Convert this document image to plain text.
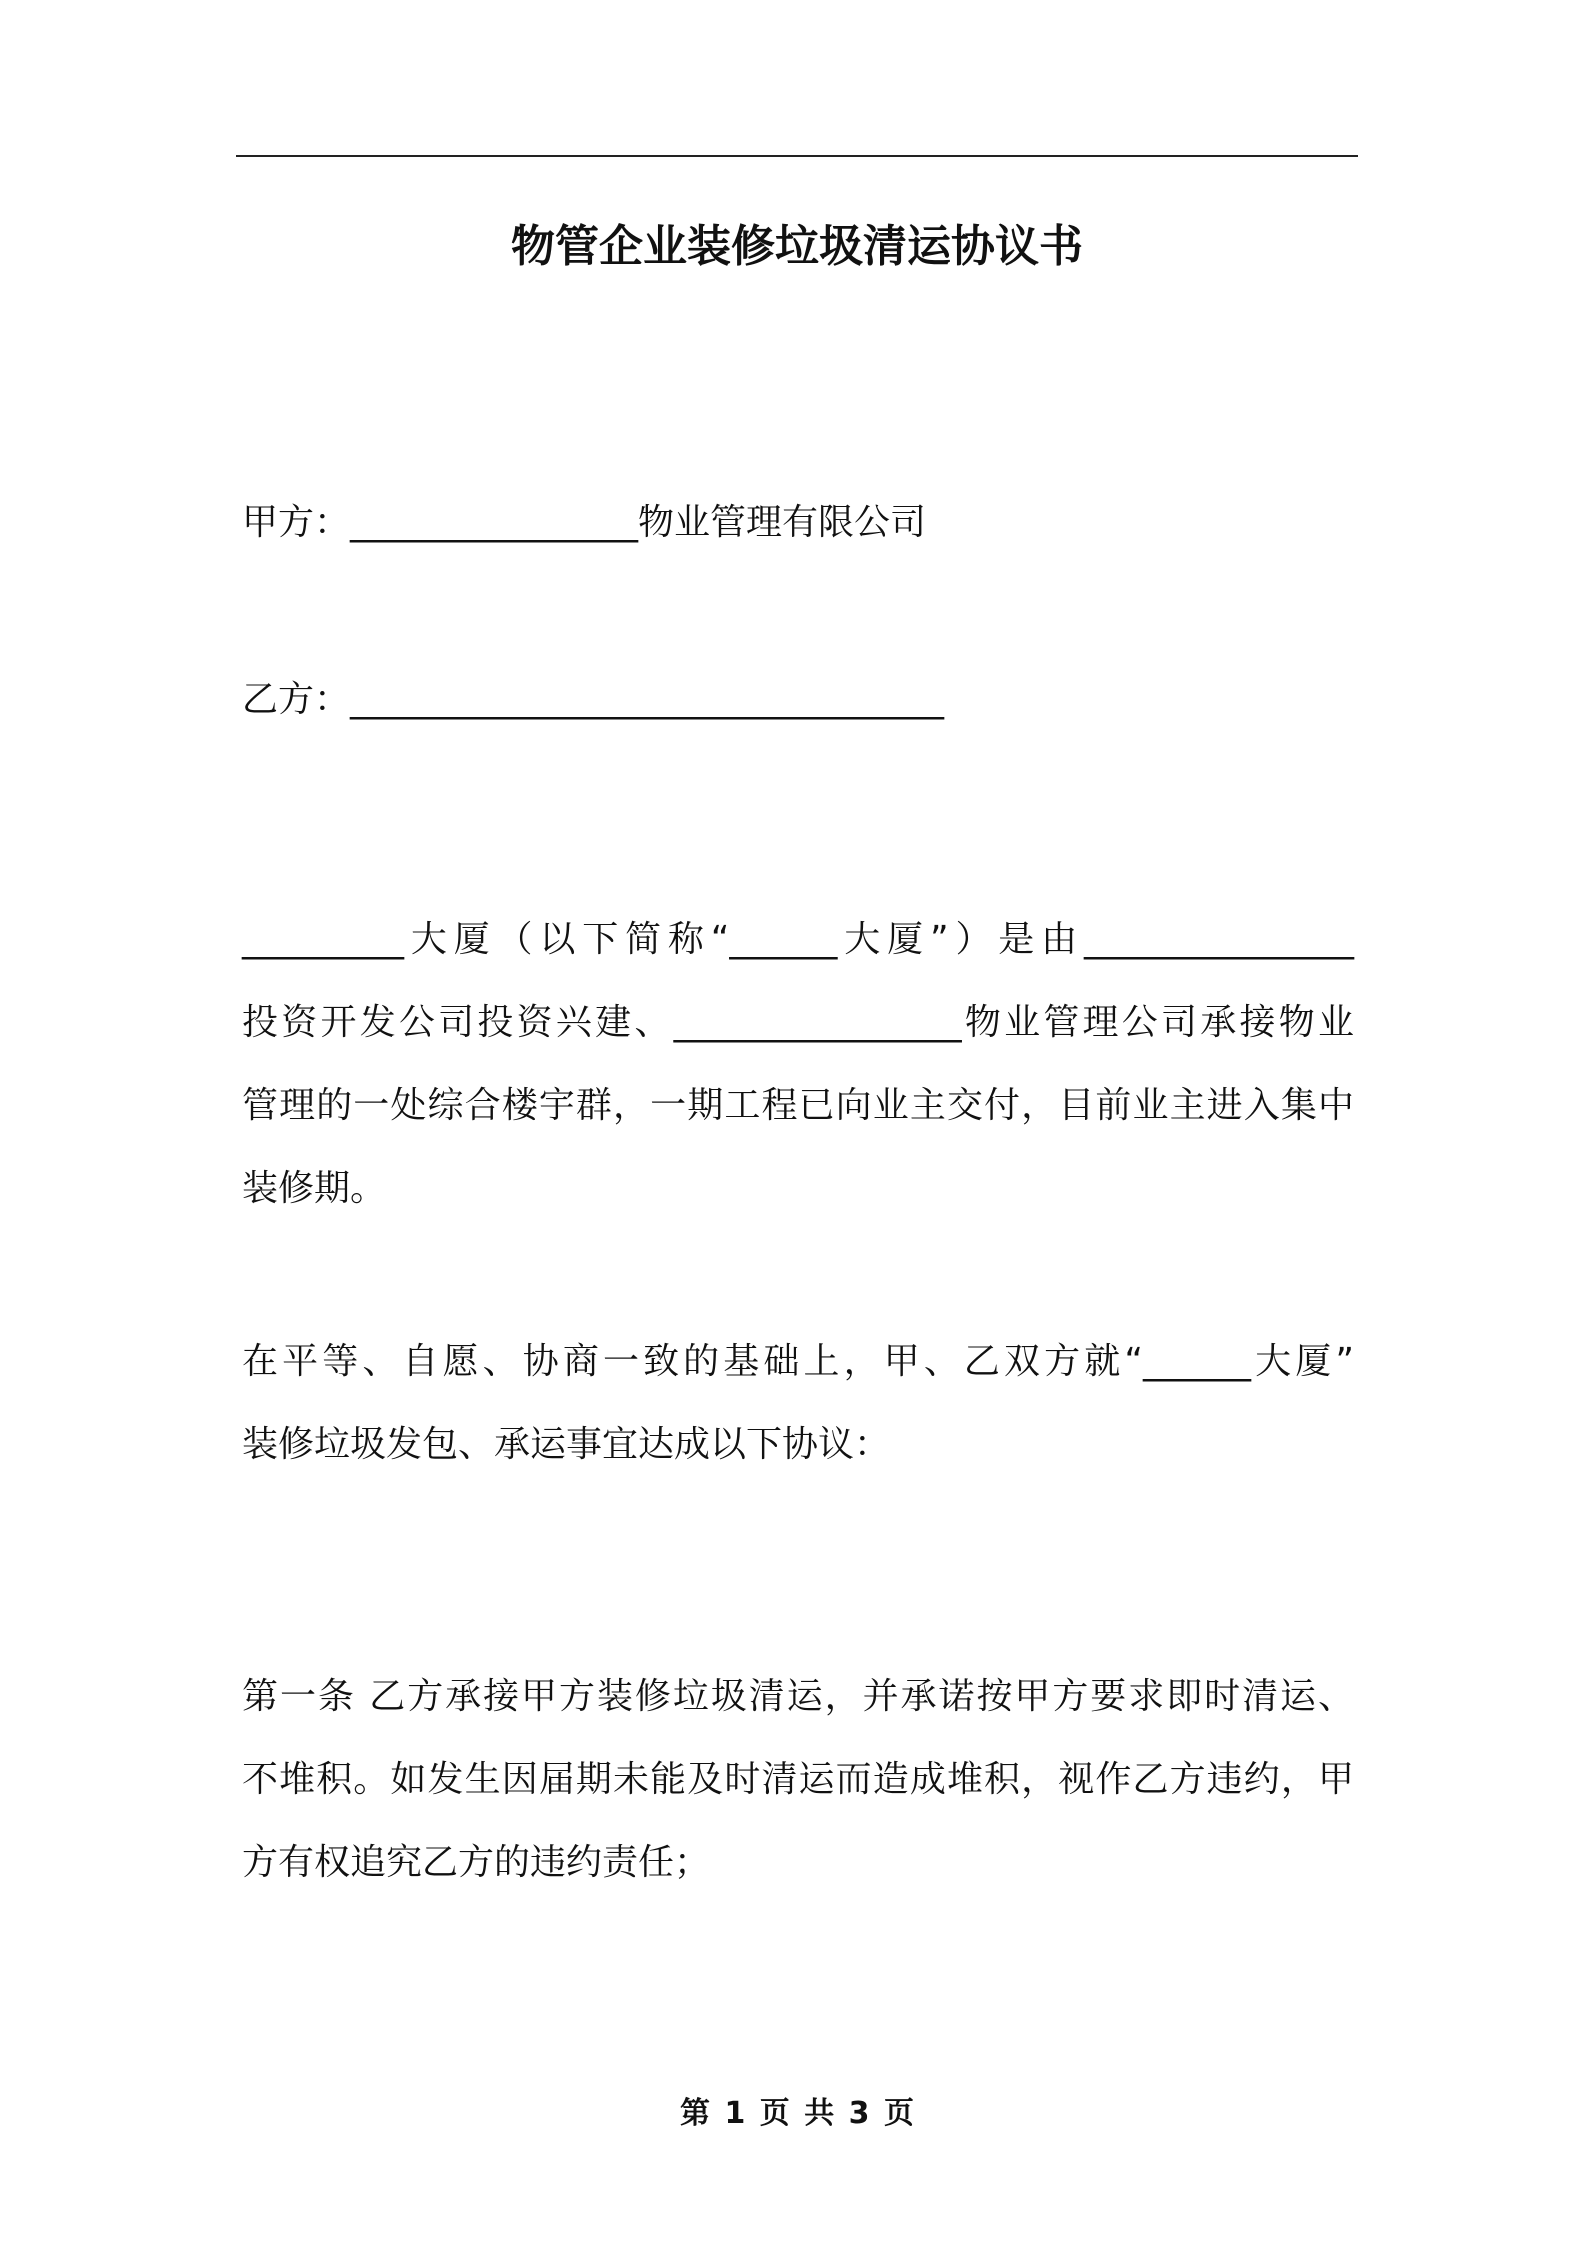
物管企业装修垃圾清运协议书

甲方：________________物业管理有限公司

乙方：_________________________________

_________大厦（以下简称“______大厦”）是由_______________
投资开发公司投资兴建、________________物业管理公司承接物业
管理的一处综合楼宇群，一期工程已向业主交付，目前业主进入集中
装修期。
在平等、自愿、协商一致的基础上，甲、乙双方就“______大厦”
装修垃圾发包、承运事宜达成以下协议：
第一条 乙方承接甲方装修垃圾清运，并承诺按甲方要求即时清运、
不堆积。如发生因届期未能及时清运而造成堆积，视作乙方违约，甲
方有权追究乙方的违约责任；

第 1 页 共 3 页
